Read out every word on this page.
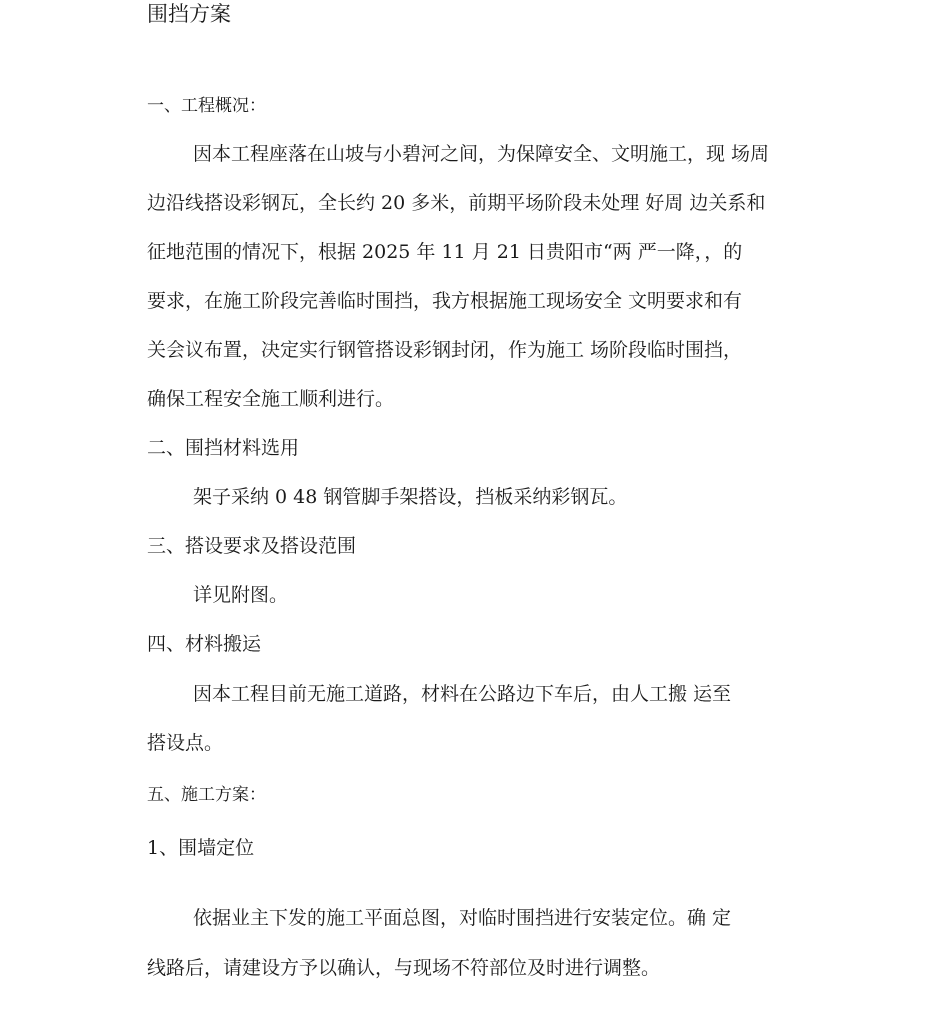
围挡方案
一、工程概况：
因本工程座落在山坡与小碧河之间，为保障安全、文明施工，现 场周
边沿线搭设彩钢瓦，全长约 20 多米，前期平场阶段未处理 好周 边关系和
征地范围的情况下，根据 2025 年 11 月 21 日贵阳市“两 严一降，，的
要求，在施工阶段完善临时围挡，我方根据施工现场安全 文明要求和有
关会议布置，决定实行钢管搭设彩钢封闭，作为施工 场阶段临时围挡，
确保工程安全施工顺利进行。
二、围挡材料选用
架子采纳 0 48 钢管脚手架搭设，挡板采纳彩钢瓦。
三、搭设要求及搭设范围
详见附图。
四、材料搬运
因本工程目前无施工道路，材料在公路边下车后，由人工搬 运至
搭设点。
五、施工方案：
1、围墙定位
依据业主下发的施工平面总图，对临时围挡进行安装定位。确 定
线路后，请建设方予以确认，与现场不符部位及时进行调整。
